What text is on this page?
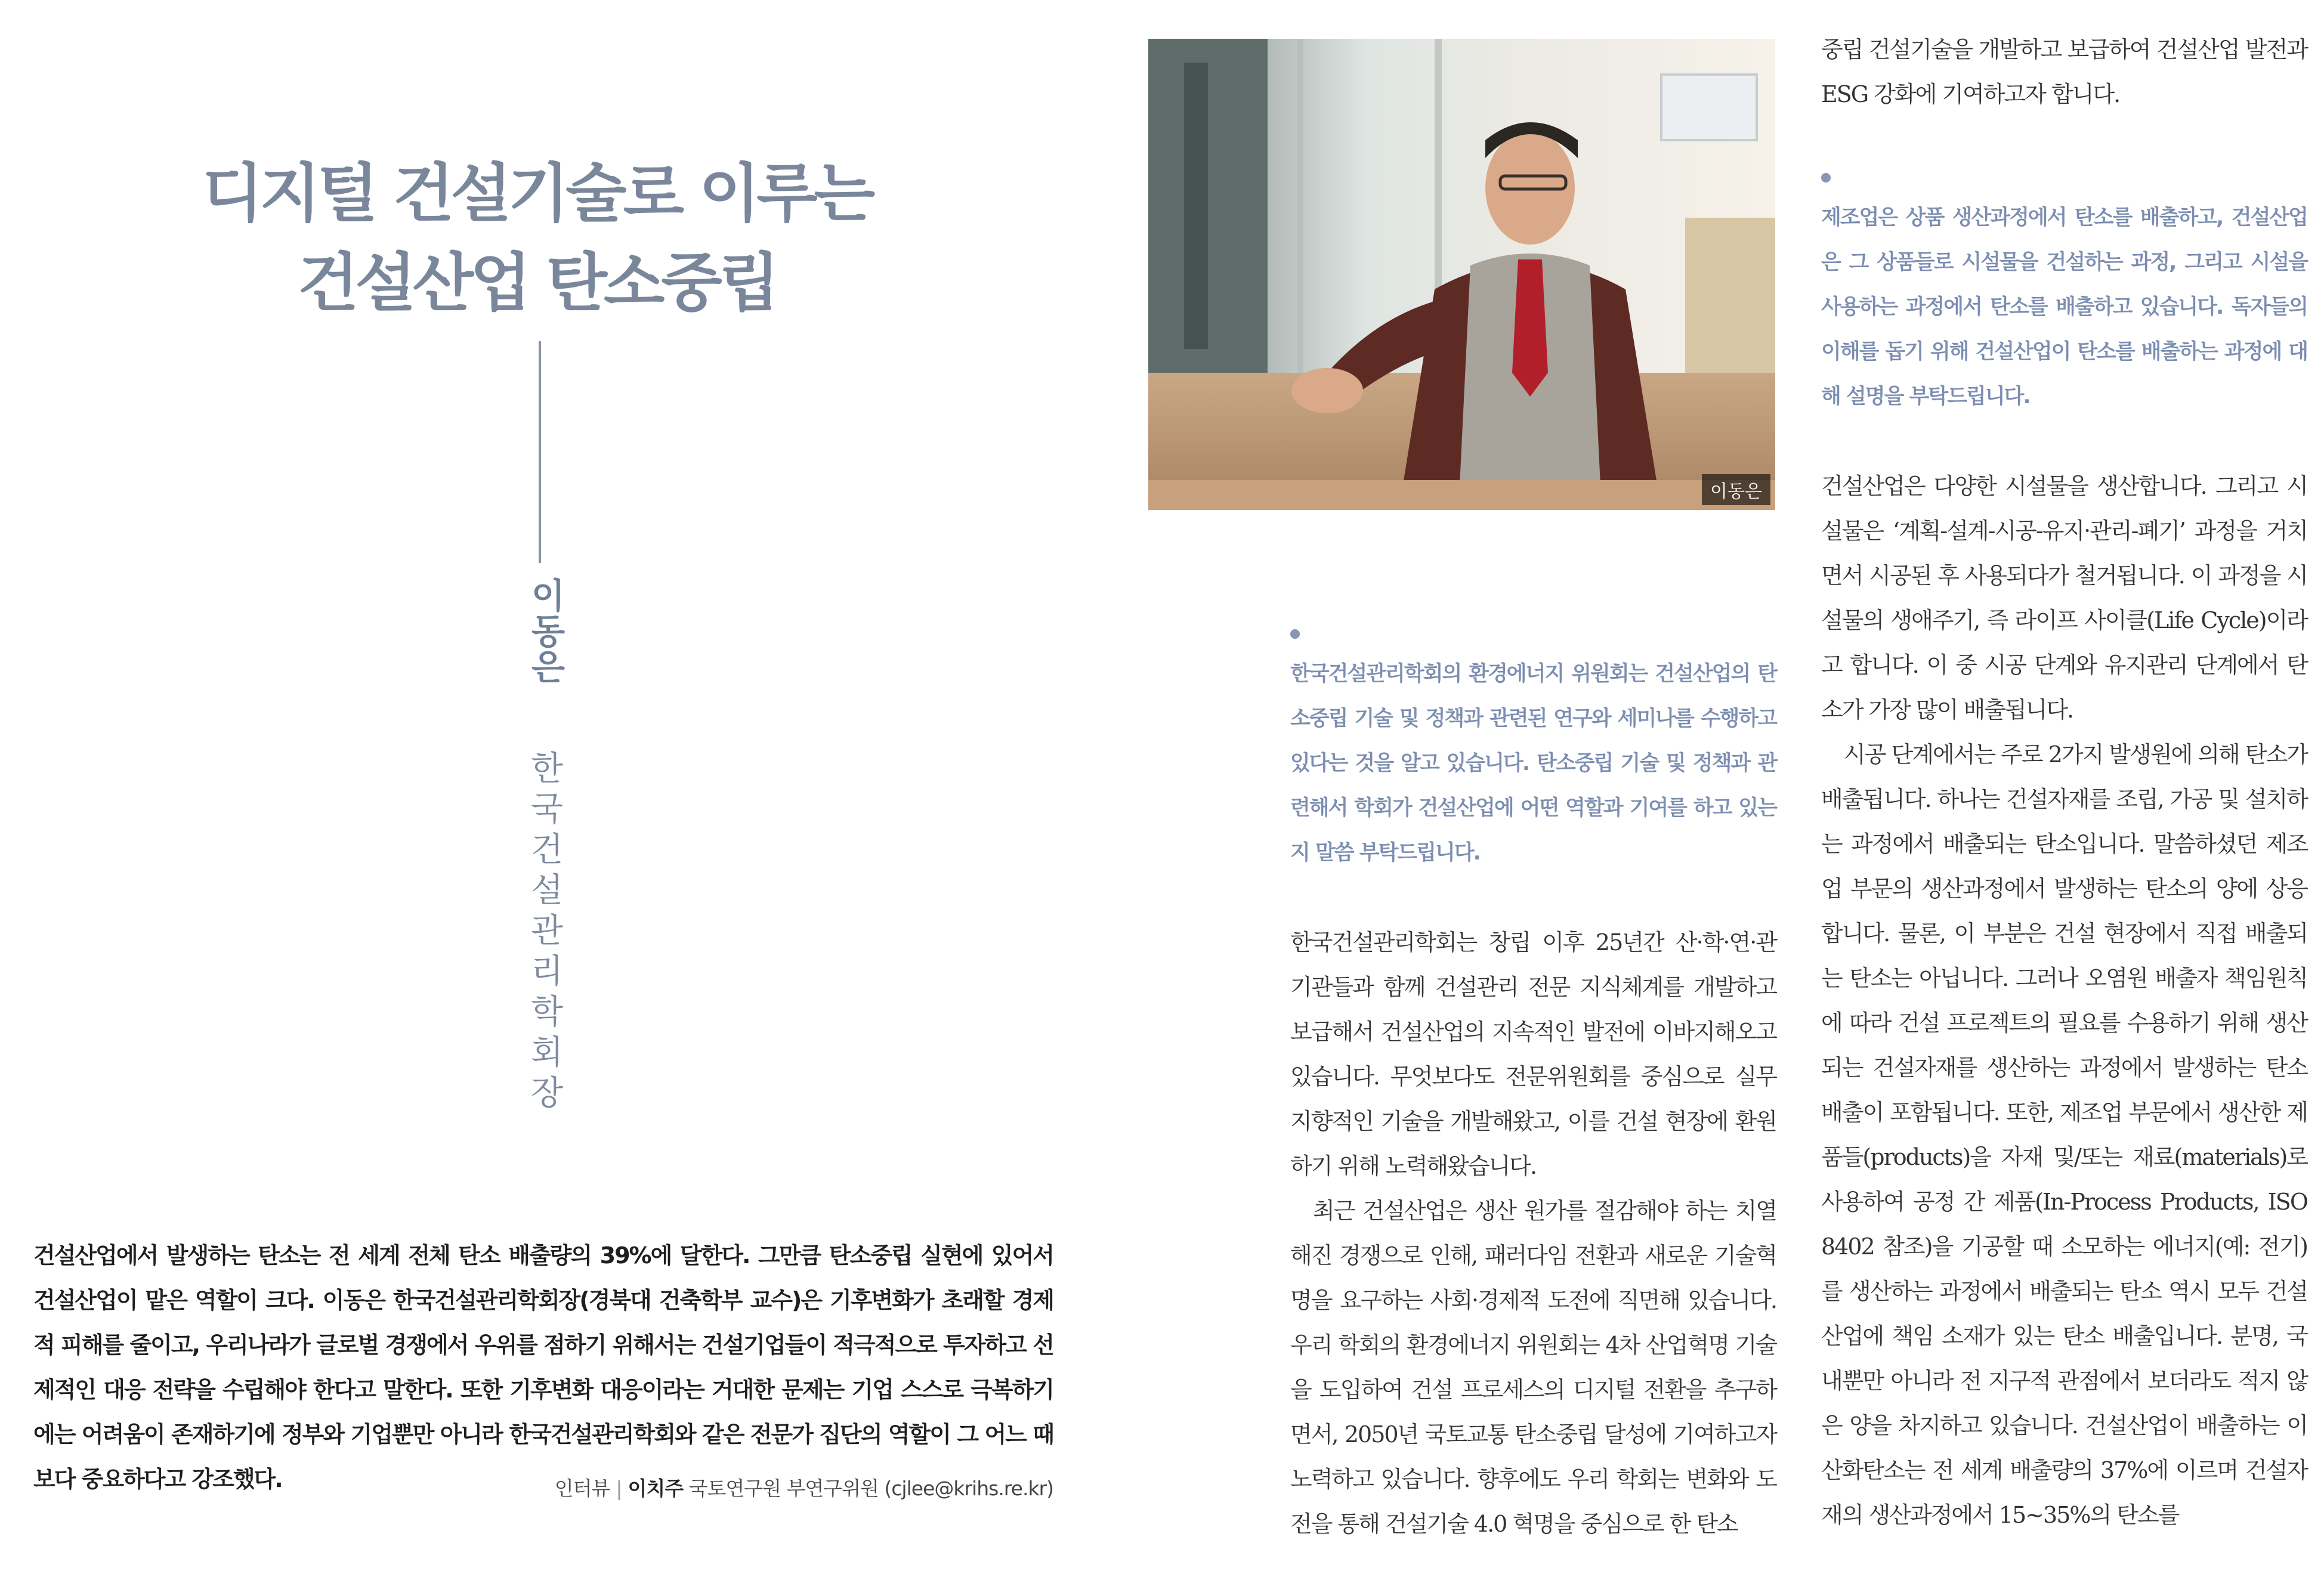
디지털 건설기술로 이루는
건설산업 탄소중립
이동은
한국건설관리학회장

건설산업에서 발생하는 탄소는 전 세계 전체 탄소 배출량의 39%에 달한다. 그만큼 탄소중립 실현에 있어서 건설산업이 맡은 역할이 크다. 이동은 한국건설관리학회장(경북대 건축학부 교수)은 기후변화가 초래할 경제적 피해를 줄이고, 우리나라가 글로벌 경쟁에서 우위를 점하기 위해서는 건설기업들이 적극적으로 투자하고 선제적인 대응 전략을 수립해야 한다고 말한다. 또한 기후변화 대응이라는 거대한 문제는 기업 스스로 극복하기에는 어려움이 존재하기에 정부와 기업뿐만 아니라 한국건설관리학회와 같은 전문가 집단의 역할이 그 어느 때보다 중요하다고 강조했다.	인터뷰 | 이치주 국토연구원 부연구위원 (cjlee@krihs.re.kr)
이동은

한국건설관리학회의 환경에너지 위원회는 건설산업의 탄소중립 기술 및 정책과 관련된 연구와 세미나를 수행하고 있다는 것을 알고 있습니다. 탄소중립 기술 및 정책과 관련해서 학회가 건설산업에 어떤 역할과 기여를 하고 있는지 말씀 부탁드립니다.

한국건설관리학회는 창립 이후 25년간 산·학·연·관 기관들과 함께 건설관리 전문 지식체계를 개발하고 보급해서 건설산업의 지속적인 발전에 이바지해오고 있습니다. 무엇보다도 전문위원회를 중심으로 실무 지향적인 기술을 개발해왔고, 이를 건설 현장에 환원하기 위해 노력해왔습니다.

최근 건설산업은 생산 원가를 절감해야 하는 치열해진 경쟁으로 인해, 패러다임 전환과 새로운 기술혁명을 요구하는 사회·경제적 도전에 직면해 있습니다. 우리 학회의 환경에너지 위원회는 4차 산업혁명 기술을 도입하여 건설 프로세스의 디지털 전환을 추구하면서, 2050년 국토교통 탄소중립 달성에 기여하고자 노력하고 있습니다. 향후에도 우리 학회는 변화와 도전을 통해 건설기술 4.0 혁명을 중심으로 한 탄소

중립 건설기술을 개발하고 보급하여 건설산업 발전과 ESG 강화에 기여하고자 합니다.

제조업은 상품 생산과정에서 탄소를 배출하고, 건설산업은 그 상품들로 시설물을 건설하는 과정, 그리고 시설을 사용하는 과정에서 탄소를 배출하고 있습니다. 독자들의 이해를 돕기 위해 건설산업이 탄소를 배출하는 과정에 대해 설명을 부탁드립니다.

건설산업은 다양한 시설물을 생산합니다. 그리고 시설물은 ‘계획-설계-시공-유지·관리-폐기’ 과정을 거치면서 시공된 후 사용되다가 철거됩니다. 이 과정을 시설물의 생애주기, 즉 라이프 사이클(Life Cycle)이라고 합니다. 이 중 시공 단계와 유지관리 단계에서 탄소가 가장 많이 배출됩니다.

시공 단계에서는 주로 2가지 발생원에 의해 탄소가 배출됩니다. 하나는 건설자재를 조립, 가공 및 설치하는 과정에서 배출되는 탄소입니다. 말씀하셨던 제조업 부문의 생산과정에서 발생하는 탄소의 양에 상응합니다. 물론, 이 부분은 건설 현장에서 직접 배출되는 탄소는 아닙니다. 그러나 오염원 배출자 책임원칙에 따라 건설 프로젝트의 필요를 수용하기 위해 생산되는 건설자재를 생산하는 과정에서 발생하는 탄소 배출이 포함됩니다. 또한, 제조업 부문에서 생산한 제품들(products)을 자재 및/또는 재료(materials)로 사용하여 공정 간 제품(In-Process Products, ISO 8402 참조)을 기공할 때 소모하는 에너지(예: 전기)를 생산하는 과정에서 배출되는 탄소 역시 모두 건설산업에 책임 소재가 있는 탄소 배출입니다. 분명, 국내뿐만 아니라 전 지구적 관점에서 보더라도 적지 않은 양을 차지하고 있습니다. 건설산업이 배출하는 이산화탄소는 전 세계 배출량의 37%에 이르며 건설자재의 생산과정에서 15~35%의 탄소를
